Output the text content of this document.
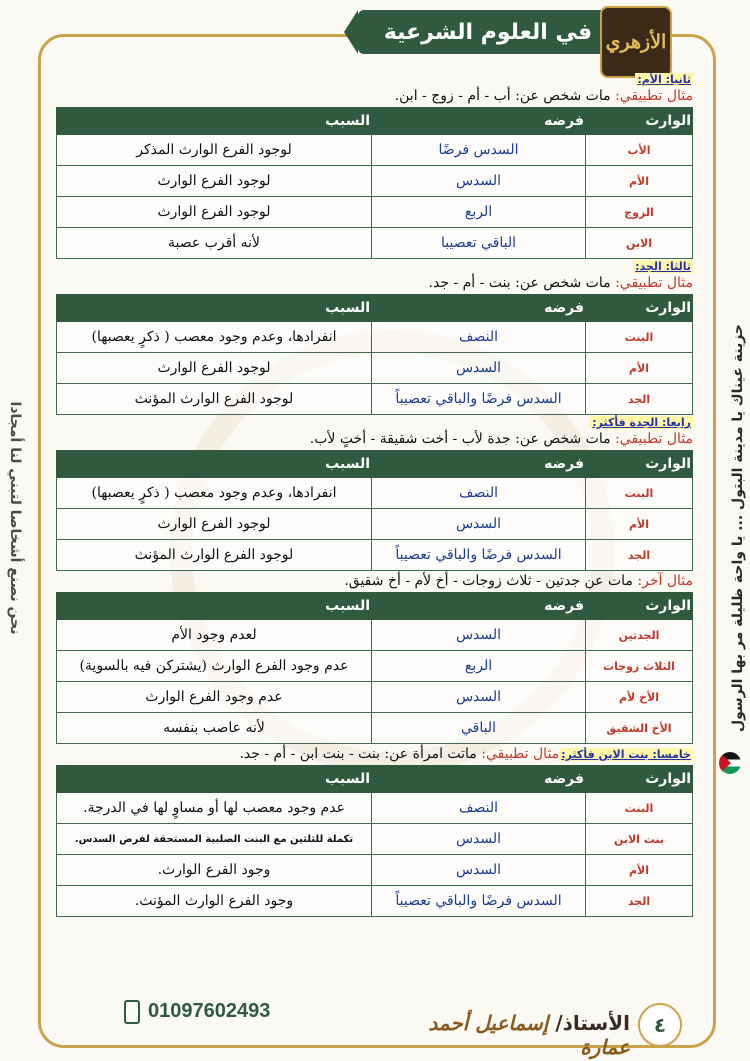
في العلوم الشرعية الأزهري
نحن نصنع أشخاصا لتبني لنا أمجادا	حزينة عيناك يا مدينة البتول ... يا واحة ظليلة مر بها الرسول
ثانيا: الأم:
مثال تطبيقي: مات شخص عن: أب - أم - زوج - ابن.
الوارث	فرضه	السبب
الأب	السدس فرضًا	لوجود الفرع الوارث المذكر
الأم	السدس	لوجود الفرع الوارث
الزوج	الربع	لوجود الفرع الوارث
الابن	الباقي تعصيبا	لأنه أقرب عصبة
ثالثا: الجد:
مثال تطبيقي: مات شخص عن: بنت - أم - جد.
الوارث	فرضه	السبب
البنت	النصف	انفرادها، وعدم وجود معصب ( ذكرٍ يعصبها)
الأم	السدس	لوجود الفرع الوارث
الجد	السدس فرضًا والباقي تعصيباً	لوجود الفرع الوارث المؤنث
رابعا: الجدة فأكثر:
مثال تطبيقي: مات شخص عن: جدة لأب - أخت شقيقة - أختٍ لأب.
الوارث	فرضه	السبب
البنت	النصف	انفرادها، وعدم وجود معصب ( ذكرٍ يعصبها)
الأم	السدس	لوجود الفرع الوارث
الجد	السدس فرضًا والباقي تعصيباً	لوجود الفرع الوارث المؤنث
مثال آخر: مات عن جدتين - ثلاث زوجات - أخ لأم - أخ شقيق.
الوارث	فرضه	السبب
الجدتين	السدس	لعدم وجود الأم
الثلاث زوجات	الربع	عدم وجود الفرع الوارث (يشتركن فيه بالسوية)
الأخ لأم	السدس	عدم وجود الفرع الوارث
الأخ الشقيق	الباقي	لأنه عاصب بنفسه
خامسا: بنت الابن فأكثر:مثال تطبيقي: ماتت امرأة عن: بنت - بنت ابن - أم - جد.
الوارث	فرضه	السبب
البنت	النصف	عدم وجود معصب لها أو مساوٍ لها في الدرجة.
بنت الابن	السدس	تكملة للثلثين مع البنت الصلبية المستحقة لفرض السدس.
الأم	السدس	وجود الفرع الوارث.
الجد	السدس فرضًا والباقي تعصيباً	وجود الفرع الوارث المؤنث.
٤
الأستاذ/ إسماعيل أحمد عمارة
01097602493
